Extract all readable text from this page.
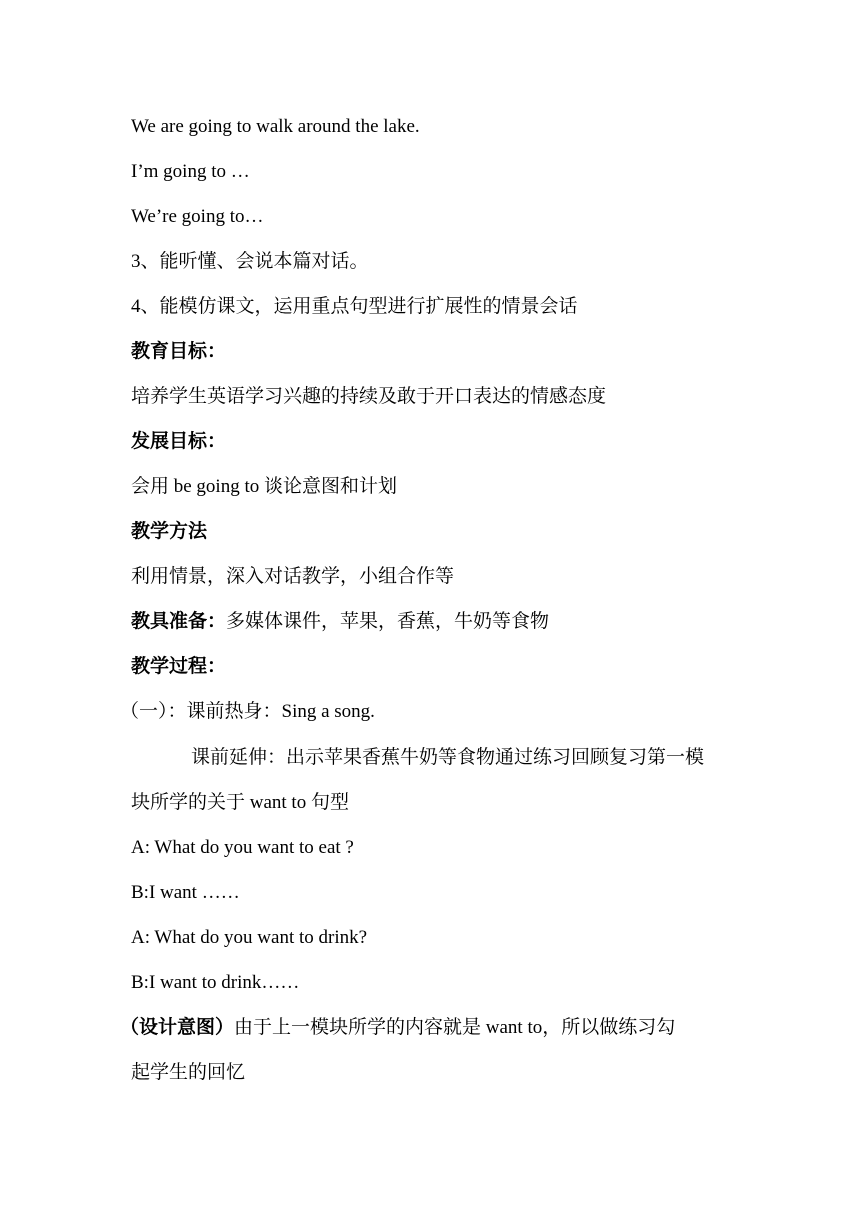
We are going to walk around the lake.
I’m going to …
We’re going to…
3、能听懂、会说本篇对话。
4、能模仿课文，运用重点句型进行扩展性的情景会话
教育目标：
培养学生英语学习兴趣的持续及敢于开口表达的情感态度
发展目标：
会用 be going to 谈论意图和计划
教学方法
利用情景，深入对话教学，小组合作等
教具准备：多媒体课件，苹果，香蕉，牛奶等食物
教学过程：
（一）：课前热身：Sing a song.
课前延伸：出示苹果香蕉牛奶等食物通过练习回顾复习第一模
块所学的关于 want to 句型
A: What do you want to eat ?
B:I want ……
A: What do you want to drink?
B:I want to drink……
（设计意图）由于上一模块所学的内容就是 want to，所以做练习勾
起学生的回忆
